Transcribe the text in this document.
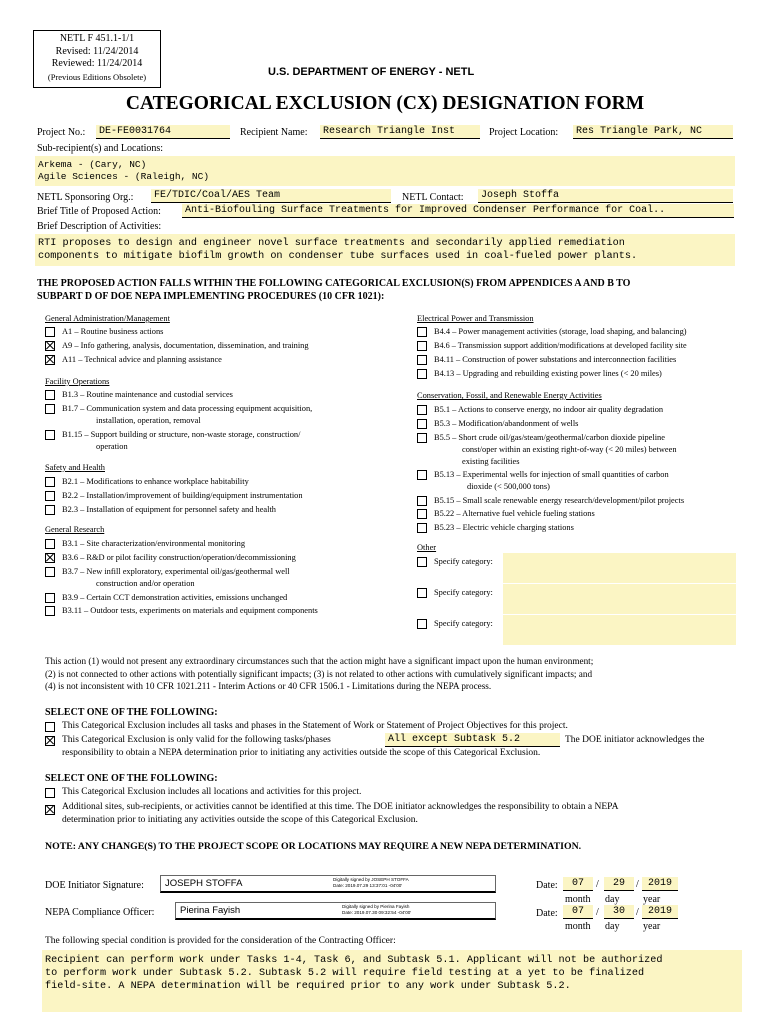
NETL F 451.1-1/1
Revised: 11/24/2014
Reviewed: 11/24/2014
(Previous Editions Obsolete)	U.S. DEPARTMENT OF ENERGY - NETL
CATEGORICAL EXCLUSION (CX) DESIGNATION FORM
Project No.:	DE-FE0031764	Recipient Name:	Research Triangle Inst	Project Location:	Res Triangle Park, NC
Sub-recipient(s) and Locations:
Arkema - (Cary, NC)
Agile Sciences - (Raleigh, NC)
NETL Sponsoring Org.:	FE/TDIC/Coal/AES Team	NETL Contact:	Joseph Stoffa
Brief Title of Proposed Action:	Anti-Biofouling Surface Treatments for Improved Condenser Performance for Coal..
Brief Description of Activities:
RTI proposes to design and engineer novel surface treatments and secondarily applied remediation
components to mitigate biofilm growth on condenser tube surfaces used in coal-fueled power plants.
THE PROPOSED ACTION FALLS WITHIN THE FOLLOWING CATEGORICAL EXCLUSION(S) FROM APPENDICES A AND B TO
SUBPART D OF DOE NEPA IMPLEMENTING PROCEDURES (10 CFR 1021):
General Administration/Management
A1 – Routine business actions
A9 – Info gathering, analysis, documentation, dissemination, and training
A11 – Technical advice and planning assistance
Facility Operations
B1.3 – Routine maintenance and custodial services
B1.7 – Communication system and data processing equipment acquisition,
installation, operation, removal
B1.15 – Support building or structure, non-waste storage, construction/
operation
Safety and Health
B2.1 – Modifications to enhance workplace habitability
B2.2 – Installation/improvement of building/equipment instrumentation
B2.3 – Installation of equipment for personnel safety and health
General Research
B3.1 – Site characterization/environmental monitoring
B3.6 – R&D or pilot facility construction/operation/decommissioning
B3.7 – New infill exploratory, experimental oil/gas/geothermal well
construction and/or operation
B3.9 – Certain CCT demonstration activities, emissions unchanged
B3.11 – Outdoor tests, experiments on materials and equipment components
Electrical Power and Transmission
B4.4 – Power management activities (storage, load shaping, and balancing)
B4.6 – Transmission support addition/modifications at developed facility site
B4.11 – Construction of power substations and interconnection facilities
B4.13 – Upgrading and rebuilding existing power lines (< 20 miles)
Conservation, Fossil, and Renewable Energy Activities
B5.1 – Actions to conserve energy, no indoor air quality degradation
B5.3 – Modification/abandonment of wells
B5.5 – Short crude oil/gas/steam/geothermal/carbon dioxide pipeline
const/oper within an existing right-of-way (< 20 miles) between
existing facilities
B5.13 – Experimental wells for injection of small quantities of carbon
dioxide (< 500,000 tons)
B5.15 – Small scale renewable energy research/development/pilot projects
B5.22 – Alternative fuel vehicle fueling stations
B5.23 – Electric vehicle charging stations
Other
Specify category:
Specify category:
Specify category:
This action (1) would not present any extraordinary circumstances such that the action might have a significant impact upon the human environment;
(2) is not connected to other actions with potentially significant impacts; (3) is not related to other actions with cumulatively significant impacts; and
(4) is not inconsistent with 10 CFR 1021.211 - Interim Actions or 40 CFR 1506.1 - Limitations during the NEPA process.
SELECT ONE OF THE FOLLOWING:
This Categorical Exclusion includes all tasks and phases in the Statement of Work or Statement of Project Objectives for this project.
This Categorical Exclusion is only valid for the following tasks/phases	All except Subtask 5.2	The DOE initiator acknowledges the
responsibility to obtain a NEPA determination prior to initiating any activities outside the scope of this Categorical Exclusion.
SELECT ONE OF THE FOLLOWING:
This Categorical Exclusion includes all locations and activities for this project.
Additional sites, sub-recipients, or activities cannot be identified at this time. The DOE initiator acknowledges the responsibility to obtain a NEPA
determination prior to initiating any activities outside the scope of this Categorical Exclusion.
NOTE: ANY CHANGE(S) TO THE PROJECT SCOPE OR LOCATIONS MAY REQUIRE A NEW NEPA DETERMINATION.
DOE Initiator Signature: JOSEPH STOFFA	Digitally signed by JOSEPH STOFFA
Date: 2019.07.29 13:37:01 -04'00'	Date:	07	/	29	/ 2019
month day year
NEPA Compliance Officer:	Pierina Fayish	Digitally signed by Pierina Fayish
Date: 2019.07.30 09:32:54 -04'00'	Date:	07	/	30	/ 2019
month day year
The following special condition is provided for the consideration of the Contracting Officer:
Recipient can perform work under Tasks 1-4, Task 6, and Subtask 5.1. Applicant will not be authorized
to perform work under Subtask 5.2. Subtask 5.2 will require field testing at a yet to be finalized
field-site. A NEPA determination will be required prior to any work under Subtask 5.2.
